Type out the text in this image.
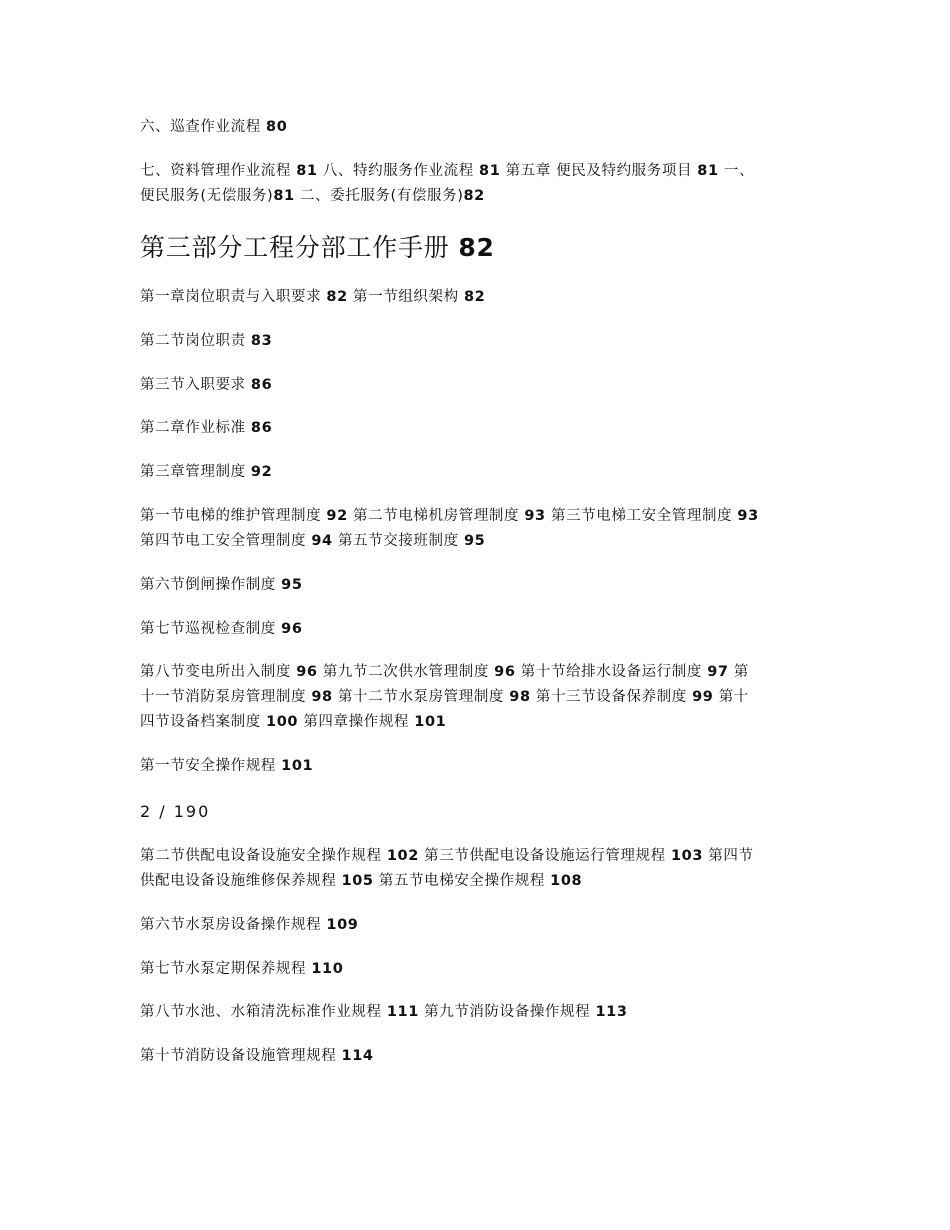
六、巡查作业流程 80
七、资料管理作业流程 81 八、特约服务作业流程 81 第五章 便民及特约服务项目 81 一、
便民服务(无偿服务)81 二、委托服务(有偿服务)82
第三部分工程分部工作手册 82
第一章岗位职责与入职要求 82 第一节组织架构 82
第二节岗位职责 83
第三节入职要求 86
第二章作业标准 86
第三章管理制度 92
第一节电梯的维护管理制度 92 第二节电梯机房管理制度 93 第三节电梯工安全管理制度 93
第四节电工安全管理制度 94 第五节交接班制度 95
第六节倒闸操作制度 95
第七节巡视检查制度 96
第八节变电所出入制度 96 第九节二次供水管理制度 96 第十节给排水设备运行制度 97 第
十一节消防泵房管理制度 98 第十二节水泵房管理制度 98 第十三节设备保养制度 99 第十
四节设备档案制度 100 第四章操作规程 101
第一节安全操作规程 101
2 / 190
第二节供配电设备设施安全操作规程 102 第三节供配电设备设施运行管理规程 103 第四节
供配电设备设施维修保养规程 105 第五节电梯安全操作规程 108
第六节水泵房设备操作规程 109
第七节水泵定期保养规程 110
第八节水池、水箱清洗标准作业规程 111 第九节消防设备操作规程 113
第十节消防设备设施管理规程 114
